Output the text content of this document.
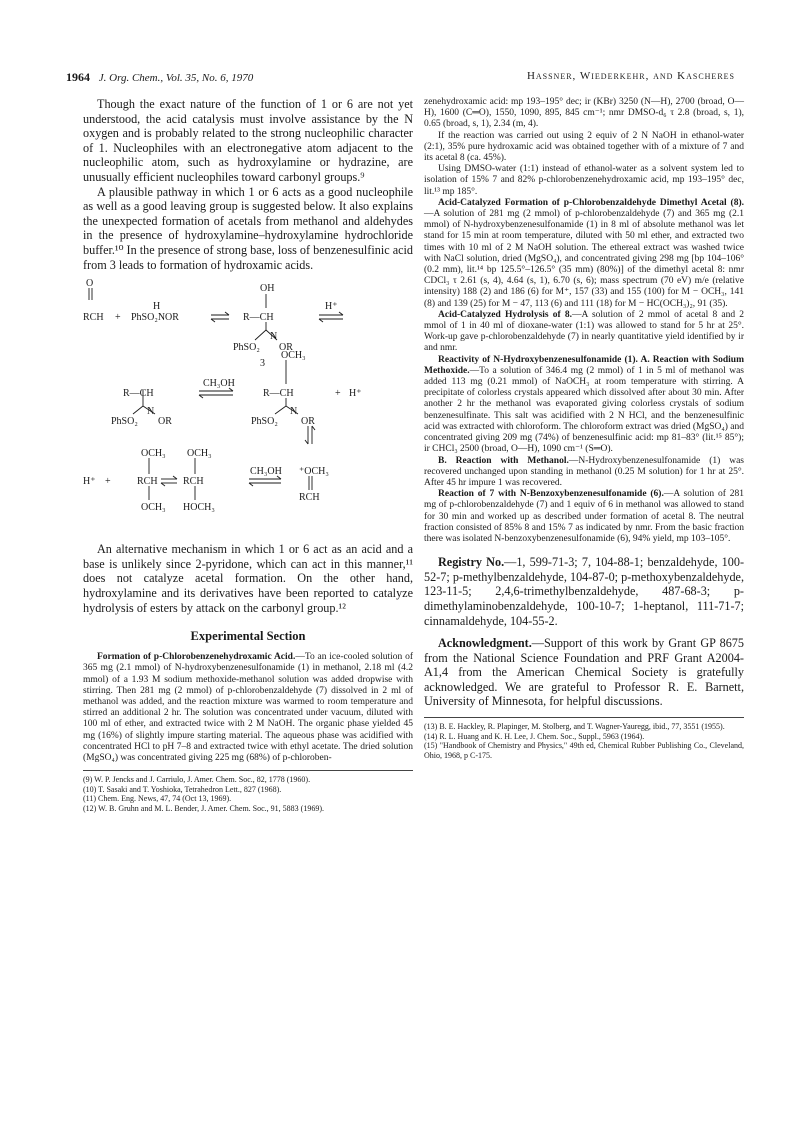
1964 J. Org. Chem., Vol. 35, No. 6, 1970	Hassner, Wiederkehr, and Kascheres

Though the exact nature of the function of 1 or 6 are not yet understood, the acid catalysis must involve assistance by the N oxygen and is probably related to the strong nucleophilic character of 1. Nucleophiles with an electronegative atom adjacent to the nucleophilic atom, such as hydroxylamine or hydrazine, are unusually efficient nucleophiles toward carbonyl groups.⁹

A plausible pathway in which 1 or 6 acts as a good nucleophile as well as a good leaving group is suggested below. It also explains the unexpected formation of acetals from methanol and aldehydes in the presence of hydroxylamine–hydroxylamine hydrochloride buffer.¹⁰ In the presence of strong base, loss of benzenesulfinic acid from 3 leads to formation of hydroxamic acids.

O
RCH + PhSO₂NOR
H
OH
R—CH
PhSO₂
N
OR
3
H⁺
R—CH
PhSO₂
N
OR
CH₃OH
OCH₃
R—CH
PhSO₂
N
OR
+ H⁺
H⁺ +
OCH₃
RCH
OCH₃
OCH₃
RCH
HOCH₃
CH₃OH ⁺OCH₃
RCH

An alternative mechanism in which 1 or 6 act as an acid and a base is unlikely since 2-pyridone, which can act in this manner,¹¹ does not catalyze acetal formation. On the other hand, hydroxylamine and its derivatives have been reported to catalyze hydrolysis of esters by attack on the carbonyl group.¹²

Experimental Section

Formation of p-Chlorobenzenehydroxamic Acid.—To an ice-cooled solution of 365 mg (2.1 mmol) of N-hydroxybenzenesulfonamide (1) in methanol, 2.18 ml (4.2 mmol) of a 1.93 M sodium methoxide-methanol solution was added dropwise with stirring. Then 281 mg (2 mmol) of p-chlorobenzaldehyde (7) dissolved in 2 ml of methanol was added, and the reaction mixture was warmed to room temperature and stirred an additional 2 hr. The solution was concentrated under vacuum, diluted with 100 ml of ether, and extracted twice with 2 M NaOH. The organic phase yielded 45 mg (16%) of slightly impure starting material. The aqueous phase was acidified with concentrated HCl to pH 7–8 and extracted twice with ethyl acetate. The dried solution (MgSO₄) was concentrated giving 225 mg (68%) of p-chloroben-

(9) W. P. Jencks and J. Carriulo, J. Amer. Chem. Soc., 82, 1778 (1960).

(10) T. Sasaki and T. Yoshioka, Tetrahedron Lett., 827 (1968).

(11) Chem. Eng. News, 47, 74 (Oct 13, 1969).

(12) W. B. Gruhn and M. L. Bender, J. Amer. Chem. Soc., 91, 5883 (1969).

zenehydroxamic acid: mp 193–195° dec; ir (KBr) 3250 (N—H), 2700 (broad, O—H), 1600 (C═O), 1550, 1090, 895, 845 cm⁻¹; nmr DMSO-d₆ τ 2.8 (broad, s, 1), 0.65 (broad, s, 1), 2.34 (m, 4).

If the reaction was carried out using 2 equiv of 2 N NaOH in ethanol-water (2:1), 35% pure hydroxamic acid was obtained together with of a mixture of 7 and its acetal 8 (ca. 45%).

Using DMSO-water (1:1) instead of ethanol-water as a solvent system led to isolation of 15% 7 and 82% p-chlorobenzenehydroxamic acid, mp 193–195° dec, lit.¹³ mp 185°.

Acid-Catalyzed Formation of p-Chlorobenzaldehyde Dimethyl Acetal (8).—A solution of 281 mg (2 mmol) of p-chlorobenzaldehyde (7) and 365 mg (2.1 mmol) of N-hydroxybenzenesulfonamide (1) in 8 ml of absolute methanol was let stand for 15 min at room temperature, diluted with 50 ml ether, and extracted two times with 10 ml of 2 M NaOH solution. The ethereal extract was washed twice with NaCl solution, dried (MgSO₄), and concentrated giving 298 mg [bp 104–106° (0.2 mm), lit.¹⁴ bp 125.5°–126.5° (35 mm) (80%)] of the dimethyl acetal 8: nmr CDCl₃ τ 2.61 (s, 4), 4.64 (s, 1), 6.70 (s, 6); mass spectrum (70 eV) m/e (relative intensity) 188 (2) and 186 (6) for M⁺, 157 (33) and 155 (100) for M − OCH₃, 141 (8) and 139 (25) for M − 47, 113 (6) and 111 (18) for M − HC(OCH₃)₂, 91 (35).

Acid-Catalyzed Hydrolysis of 8.—A solution of 2 mmol of acetal 8 and 2 mmol of 1 in 40 ml of dioxane-water (1:1) was allowed to stand for 5 hr at 25°. Work-up gave p-chlorobenzaldehyde (7) in nearly quantitative yield identified by ir and nmr.

Reactivity of N-Hydroxybenzenesulfonamide (1). A. Reaction with Sodium Methoxide.—To a solution of 346.4 mg (2 mmol) of 1 in 5 ml of methanol was added 113 mg (0.21 mmol) of NaOCH₃ at room temperature with stirring. A precipitate of colorless crystals appeared which dissolved after about 30 min. After another 2 hr the methanol was evaporated giving colorless crystals of sodium benzenesulfinate. This salt was acidified with 2 N HCl, and the benzenesulfinic acid was extracted with chloroform. The chloroform extract was dried (MgSO₄) and concentrated giving 209 mg (74%) of benzenesulfinic acid: mp 81–83° (lit.¹⁵ 85°); ir CHCl₃ 2500 (broad, O—H), 1090 cm⁻¹ (S═O).

B. Reaction with Methanol.—N-Hydroxybenzenesulfonamide (1) was recovered unchanged upon standing in methanol (0.25 M solution) for 1 hr at 25°. After 45 hr impure 1 was recovered.

Reaction of 7 with N-Benzoxybenzenesulfonamide (6).—A solution of 281 mg of p-chlorobenzaldehyde (7) and 1 equiv of 6 in methanol was allowed to stand for 30 min and worked up as described under formation of acetal 8. The neutral fraction consisted of 85% 8 and 15% 7 as indicated by nmr. From the basic fraction there was isolated N-benzoxybenzenesulfonamide (6), 94% yield, mp 103–105°.

Registry No.—1, 599-71-3; 7, 104-88-1; benzaldehyde, 100-52-7; p-methylbenzaldehyde, 104-87-0; p-methoxybenzaldehyde, 123-11-5; 2,4,6-trimethylbenzaldehyde, 487-68-3; p-dimethylaminobenzaldehyde, 100-10-7; 1-heptanol, 111-71-7; cinnamaldehyde, 104-55-2.

Acknowledgment.—Support of this work by Grant GP 8675 from the National Science Foundation and PRF Grant A2004-A1,4 from the American Chemical Society is gratefully acknowledged. We are grateful to Professor R. E. Barnett, University of Minnesota, for helpful discussions.

(13) B. E. Hackley, R. Plapinger, M. Stolberg, and T. Wagner-Yauregg, ibid., 77, 3551 (1955).

(14) R. L. Huang and K. H. Lee, J. Chem. Soc., Suppl., 5963 (1964).

(15) "Handbook of Chemistry and Physics," 49th ed, Chemical Rubber Publishing Co., Cleveland, Ohio, 1968, p C-175.
